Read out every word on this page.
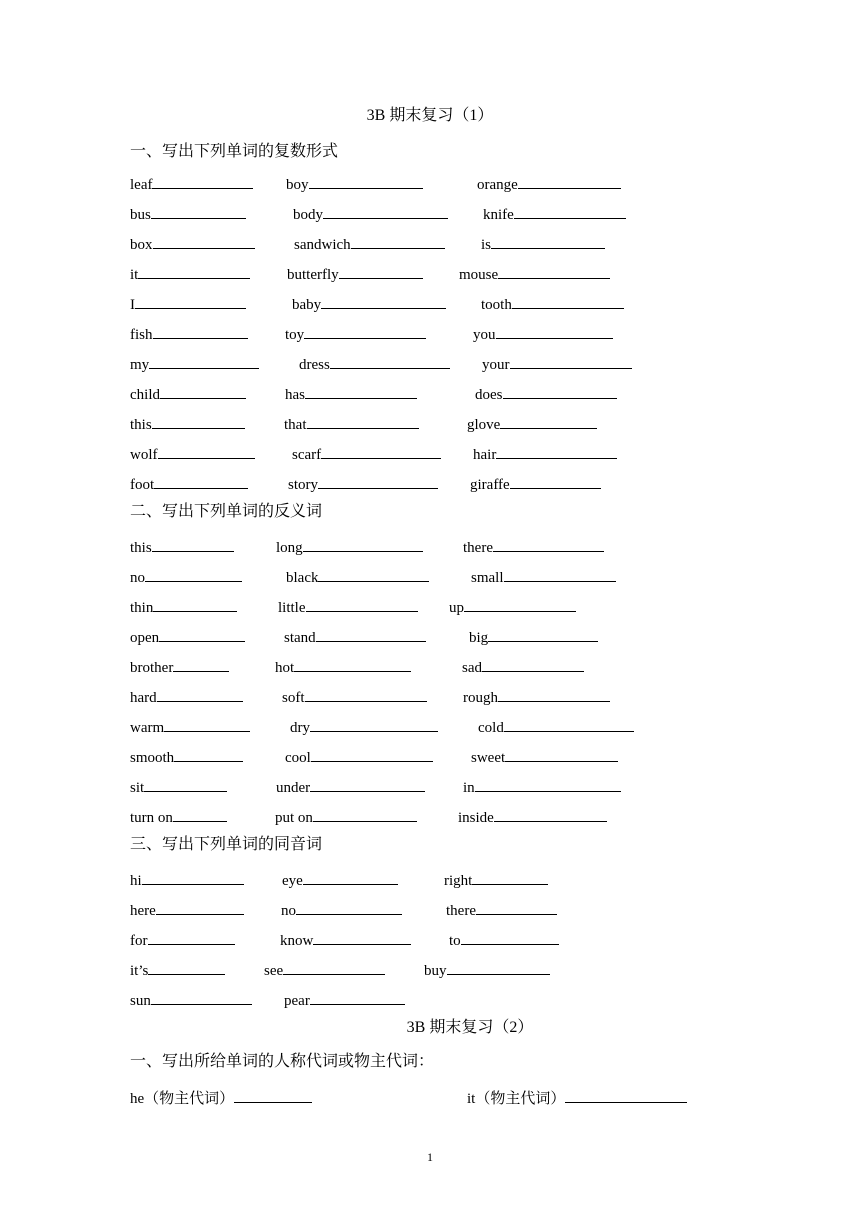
3B 期末复习（1）
一、写出下列单词的复数形式
leaf	boy	orange
bus	body	knife
box	sandwich	is
it	butterfly	mouse
I	baby	tooth
fish	toy	you
my	dress	your
child	has	does
this	that	glove
wolf	scarf	hair
foot	story	giraffe
二、写出下列单词的反义词
this	long	there
no	black	small
thin	little	up
open	stand	big
brother	hot	sad
hard	soft	rough
warm	dry	cold
smooth	cool	sweet
sit	under	in
turn on	put on	inside
三、写出下列单词的同音词
hi	eye	right
here	no	there
for	know	to
it’s	see	buy
sun	pear
3B 期末复习（2）
一、写出所给单词的人称代词或物主代词：
he（物主代词）	it（物主代词）
1
